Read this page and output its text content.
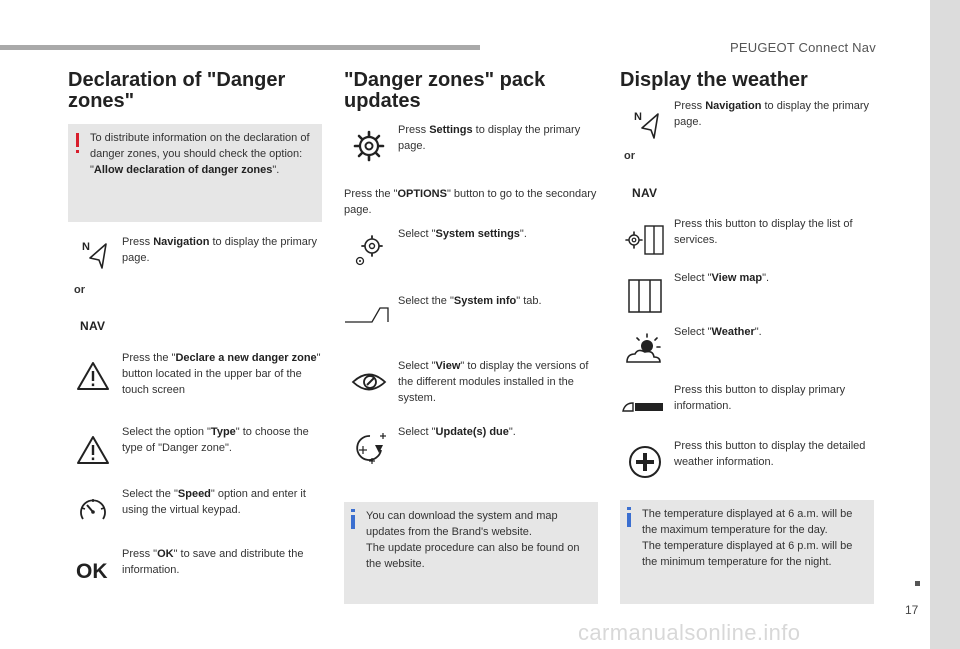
PEUGEOT Connect Nav
17
carmanualsonline.info
Declaration of "Danger zones"
To distribute information on the declaration of danger zones, you should check the option: "Allow declaration of danger zones".
N	Press Navigation to display the primary page.
or
NAV
Press the "Declare a new danger zone" button located in the upper bar of the touch screen
Select the option "Type" to choose the type of "Danger zone".
Select the "Speed" option and enter it using the virtual keypad.
OK
Press "OK" to save and distribute the information.
"Danger zones" pack updates
Press Settings to display the primary page.
Press the "OPTIONS" button to go to the secondary page.
Select "System settings".
Select the "System info" tab.
Select "View" to display the versions of the different modules installed in the system.
Select "Update(s) due".
You can download the system and map updates from the Brand's website.
The update procedure can also be found on the website.
Display the weather
N
Press Navigation to display the primary page.
or
NAV
Press this button to display the list of services.
Select "View map".
Select "Weather".
Press this button to display primary information.
Press this button to display the detailed weather information.
The temperature displayed at 6 a.m. will be the maximum temperature for the day.
The temperature displayed at 6 p.m. will be the minimum temperature for the night.
